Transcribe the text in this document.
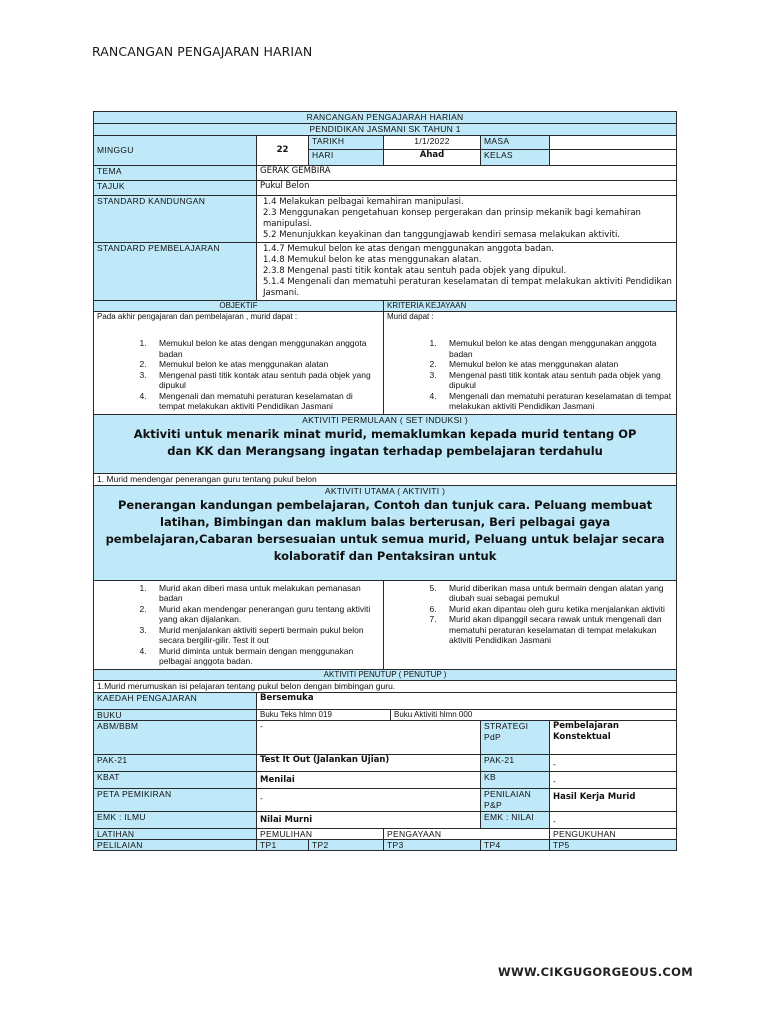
RANCANGAN PENGAJARAN HARIAN
RANCANGAN PENGAJARAH HARIAN							
PENDIDIKAN JASMANI SK TAHUN 1							
MINGGU	22	TARIKH	1/1/2022		MASA		
		HARI	Ahad		KELAS		
TEMA	GERAK GEMBIRA						
TAJUK	Pukul Belon						
STANDARD KANDUNGAN	1.4 Melakukan pelbagai kemahiran manipulasi.
2.3 Menggunakan pengetahuan konsep pergerakan dan prinsip mekanik bagi kemahiran manipulasi.
5.2 Menunjukkan keyakinan dan tanggungjawab kendiri semasa melakukan aktiviti.						

STANDARD PEMBELAJARAN	1.4.7 Memukul belon ke atas dengan menggunakan anggota badan.
1.4.8 Memukul belon ke atas menggunakan alatan.
2.3.8 Mengenal pasti titik kontak atau sentuh pada objek yang dipukul.
5.1.4 Mengenali dan mematuhi peraturan keselamatan di tempat melakukan aktiviti Pendidikan Jasmani.						

OBJEKTIF			KRITERIA KEJAYAAN				

Pada akhir pengajaran dan pembelajaran , murid dapat :
1. Memukul belon ke atas dengan menggunakan anggota badan
2. Memukul belon ke atas menggunakan alatan
3. Mengenal pasti titik kontak atau sentuh pada objek yang dipukul
4. Mengenali dan mematuhi peraturan keselamatan di tempat melakukan aktiviti Pendidikan Jasmani

Murid dapat :
1. Memukul belon ke atas dengan menggunakan anggota badan
2. Memukul belon ke atas menggunakan alatan
3. Mengenal pasti titik kontak atau sentuh pada objek yang dipukul
4. Mengenali dan mematuhi peraturan keselamatan di tempat melakukan aktiviti Pendidikan Jasmani

AKTIVITI PERMULAAN ( SET INDUKSI )
Aktiviti untuk menarik minat murid, memaklumkan kepada murid tentang OP dan KK dan Merangsang ingatan terhadap pembelajaran terdahulu							

1. Murid mendengar penerangan guru tentang pukul belon							

AKTIVITI UTAMA ( AKTIVITI )
Penerangan kandungan pembelajaran, Contoh dan tunjuk cara. Peluang membuat latihan, Bimbingan dan maklum balas berterusan, Beri pelbagai gaya pembelajaran,Cabaran bersesuaian untuk semua murid, Peluang untuk belajar secara kolaboratif dan Pentaksiran untuk							

1. Murid akan diberi masa untuk melakukan pemanasan badan
2. Murid akan mendengar penerangan guru tentang aktiviti yang akan dijalankan.
3. Murid menjalankan aktiviti seperti bermain pukul belon secara bergilir-gilir. Test it out
4. Murid diminta untuk bermain dengan menggunakan pelbagai anggota badan.

5. Murid diberikan masa untuk bermain dengan alatan yang diubah suai sebagai pemukul
6. Murid akan dipantau oleh guru ketika menjalankan aktiviti
7. Murid akan dipanggil secara rawak untuk mengenali dan mematuhi peraturan keselamatan di tempat melakukan aktiviti Pendidikan Jasmani

AKTIVITI PENUTUP ( PENUTUP )							
1.Murid merumuskan isi pelajaran tentang pukul belon dengan bimbingan guru.							
KAEDAH PENGAJARAN	Bersemuka						
BUKU	Buku Teks hlmn 019			Buku Aktiviti hlmn 000			
ABM/BBM	-				STRATEGI PdP	Pembelajaran Konstektual	
PAK-21	Test It Out (Jalankan Ujian)				PAK-21	-	
KBAT	Menilai				KB	-	
PETA PEMIKIRAN	-				PENILAIAN P&P	Hasil Kerja Murid	
EMK : ILMU	Nilai Murni				EMK : NILAI	-	
LATIHAN	PEMULIHAN		PENGAYAAN			PENGUKUHAN	
PELILAIAN	TP1	TP2	TP3		TP4	TP5	
WWW.CIKGUGORGEOUS.COM
